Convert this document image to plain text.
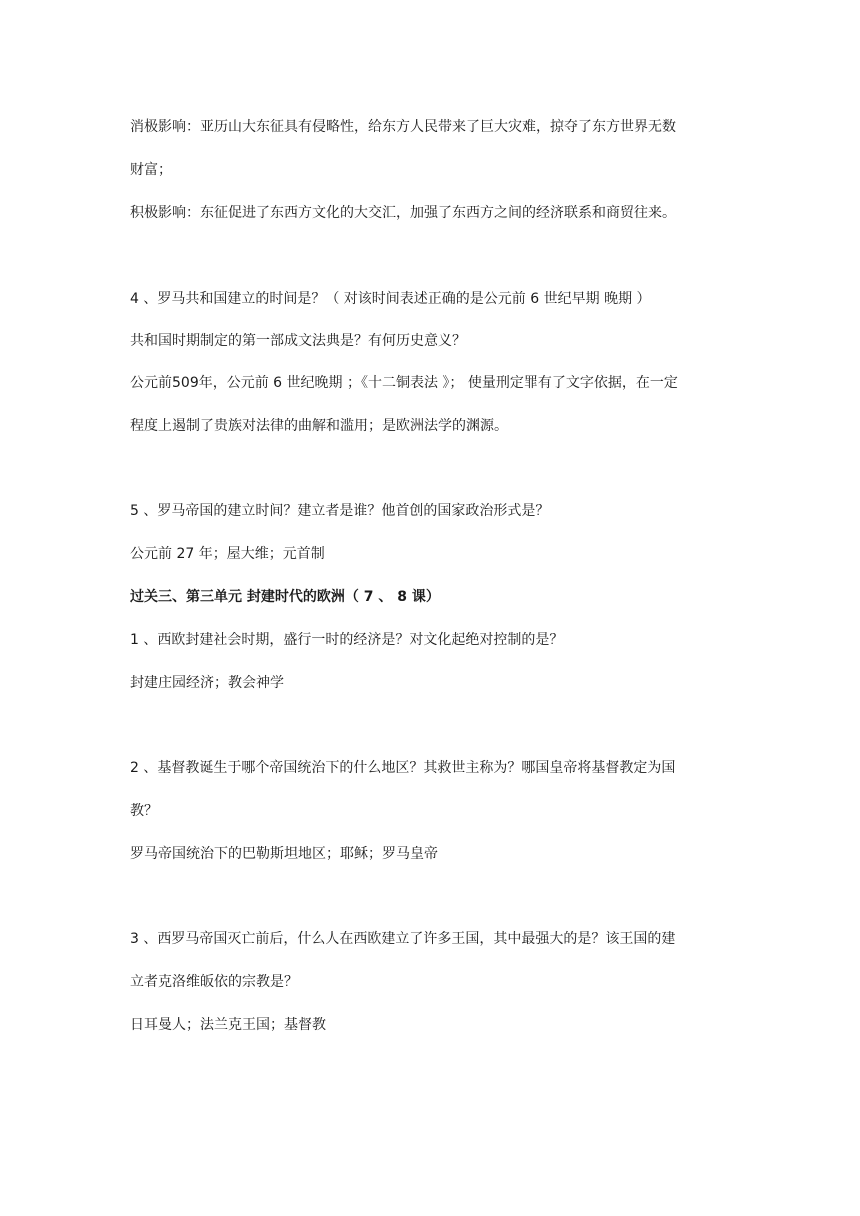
消极影响：亚历山大东征具有侵略性，给东方人民带来了巨大灾难，掠夺了东方世界无数
财富；
积极影响：东征促进了东西方文化的大交汇，加强了东西方之间的经济联系和商贸往来。
4 、罗马共和国建立的时间是？（ 对该时间表述正确的是公元前 6 世纪早期 晚期 ）
共和国时期制定的第一部成文法典是？有何历史意义？
公元前509年，公元前 6 世纪晚期 ；《十二铜表法 》； 使量刑定罪有了文字依据，在一定
程度上遏制了贵族对法律的曲解和滥用；是欧洲法学的渊源。
5 、罗马帝国的建立时间？建立者是谁？他首创的国家政治形式是？
公元前 27 年；屋大维；元首制
过关三、第三单元 封建时代的欧洲（ 7 、 8 课）
1 、西欧封建社会时期，盛行一时的经济是？对文化起绝对控制的是？
封建庄园经济；教会神学
2 、基督教诞生于哪个帝国统治下的什么地区？其救世主称为？哪国皇帝将基督教定为国
教？
罗马帝国统治下的巴勒斯坦地区；耶稣；罗马皇帝
3 、西罗马帝国灭亡前后，什么人在西欧建立了许多王国，其中最强大的是？该王国的建
立者克洛维皈依的宗教是？
日耳曼人；法兰克王国；基督教
